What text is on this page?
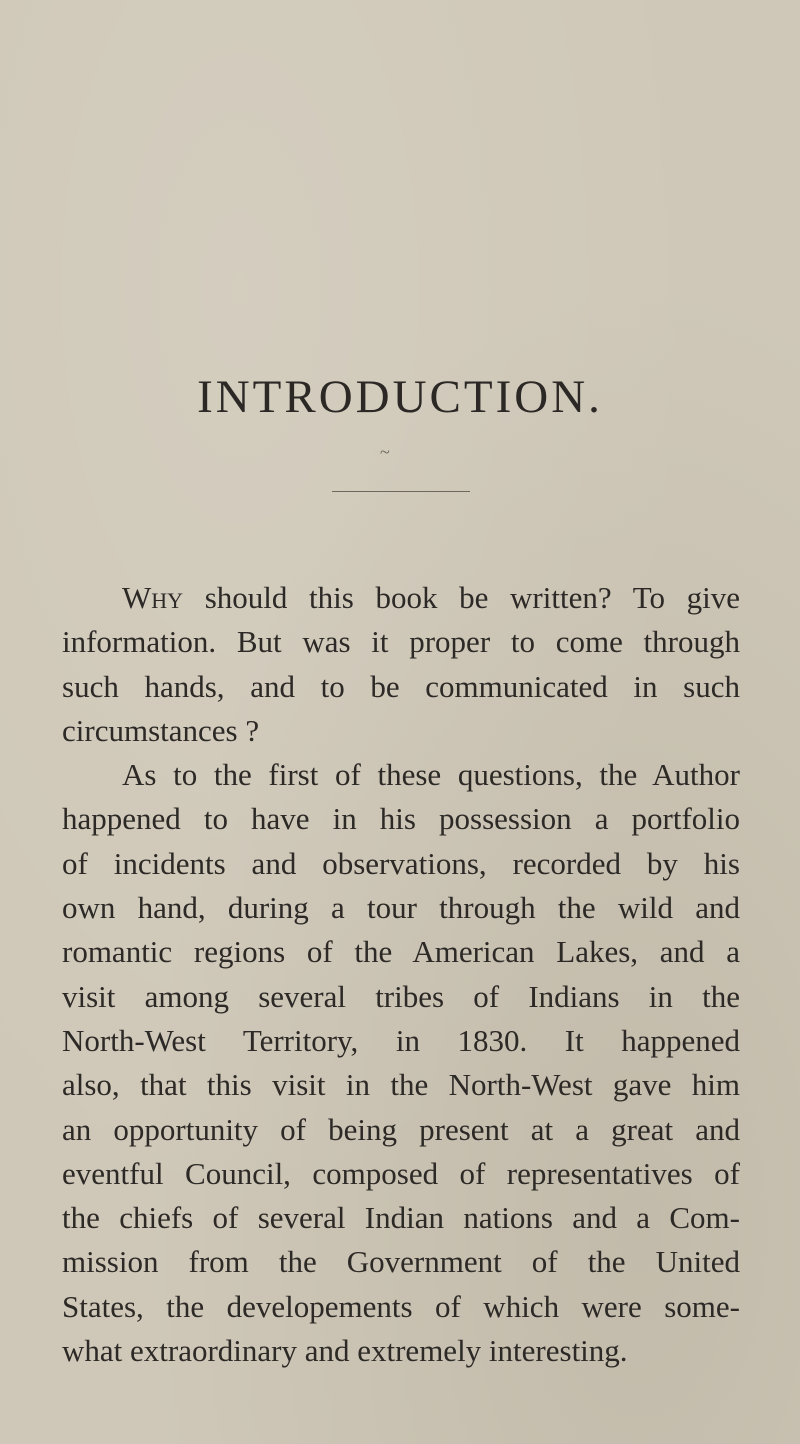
INTRODUCTION.
~
Why should this book be written? To give
information. But was it proper to come through
such hands, and to be communicated in such
circumstances ?
As to the first of these questions, the Author
happened to have in his possession a portfolio
of incidents and observations, recorded by his
own hand, during a tour through the wild and
romantic regions of the American Lakes, and a
visit among several tribes of Indians in the
North-West Territory, in 1830. It happened
also, that this visit in the North-West gave him
an opportunity of being present at a great and
eventful Council, composed of representatives of
the chiefs of several Indian nations and a Com-
mission from the Government of the United
States, the developements of which were some-
what extraordinary and extremely interesting.
